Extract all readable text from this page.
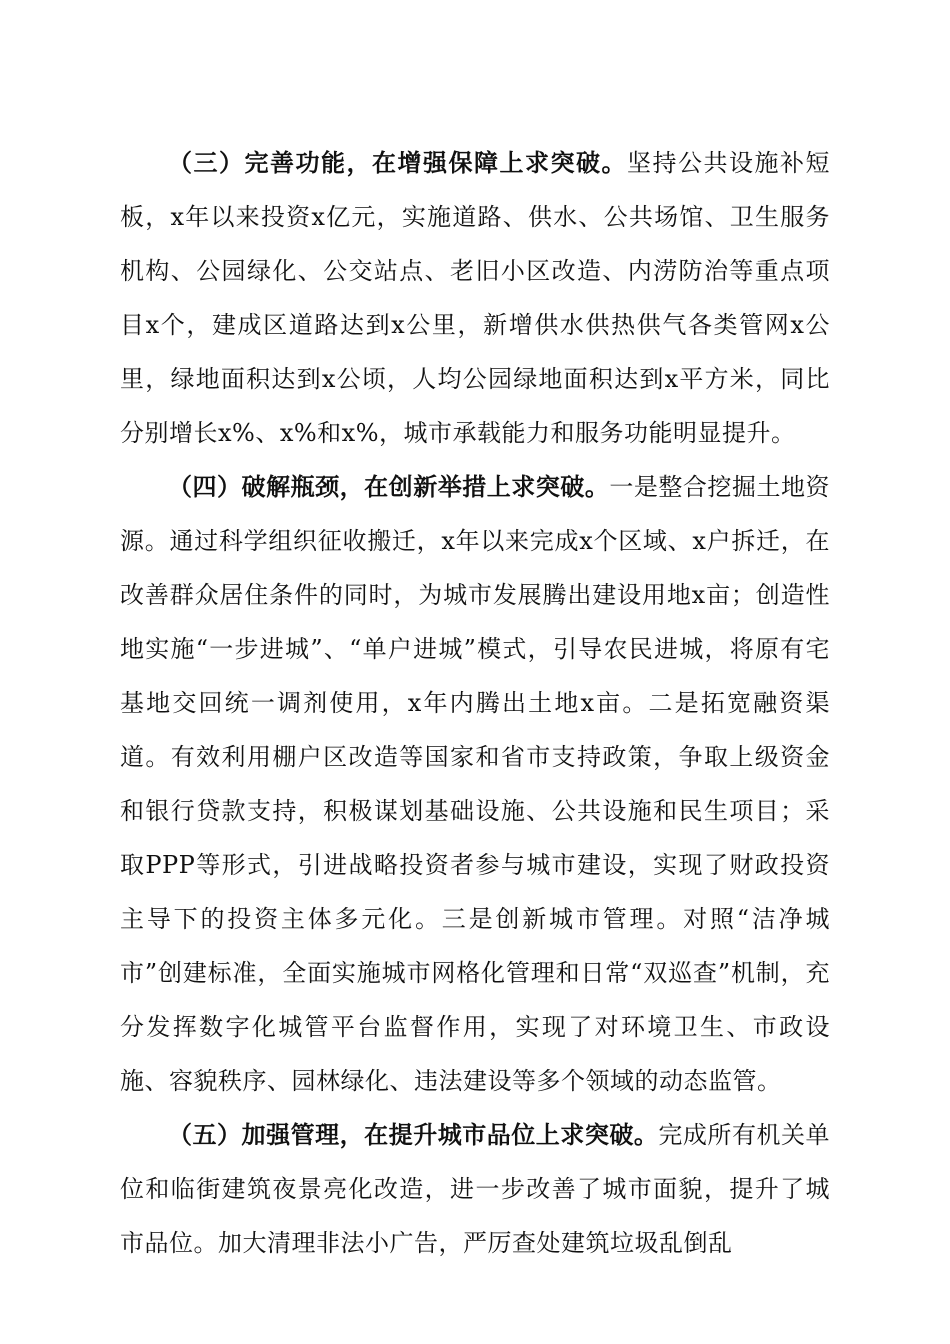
（三）完善功能，在增强保障上求突破。坚持公共设施补短板，x年以来投资x亿元，实施道路、供水、公共场馆、卫生服务机构、公园绿化、公交站点、老旧小区改造、内涝防治等重点项目x个，建成区道路达到x公里，新增供水供热供气各类管网x公里，绿地面积达到x公顷，人均公园绿地面积达到x平方米，同比分别增长x%、x%和x%，城市承载能力和服务功能明显提升。

（四）破解瓶颈，在创新举措上求突破。一是整合挖掘土地资源。通过科学组织征收搬迁，x年以来完成x个区域、x户拆迁，在改善群众居住条件的同时，为城市发展腾出建设用地x亩；创造性地实施“一步进城”、“单户进城”模式，引导农民进城，将原有宅基地交回统一调剂使用，x年内腾出土地x亩。二是拓宽融资渠道。有效利用棚户区改造等国家和省市支持政策，争取上级资金和银行贷款支持，积极谋划基础设施、公共设施和民生项目；采取PPP等形式，引进战略投资者参与城市建设，实现了财政投资主导下的投资主体多元化。三是创新城市管理。对照“洁净城市”创建标准，全面实施城市网格化管理和日常“双巡查”机制，充分发挥数字化城管平台监督作用，实现了对环境卫生、市政设施、容貌秩序、园林绿化、违法建设等多个领域的动态监管。

（五）加强管理，在提升城市品位上求突破。完成所有机关单位和临街建筑夜景亮化改造，进一步改善了城市面貌，提升了城市品位。加大清理非法小广告，严厉查处建筑垃圾乱倒乱
